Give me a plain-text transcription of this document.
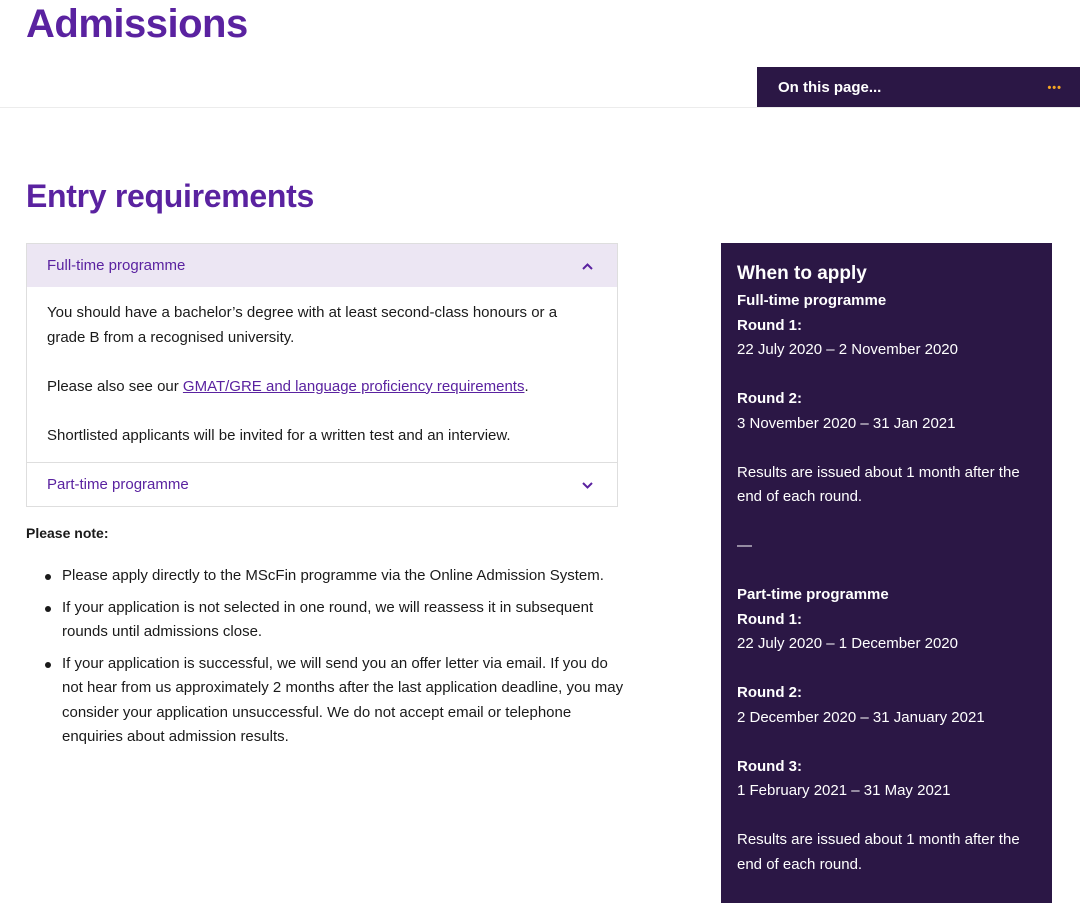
Admissions
On this page...	•••
Entry requirements
Full-time programme

You should have a bachelor’s degree with at least second-class honours or a grade B from a recognised university.

Please also see our GMAT/GRE and language proficiency requirements.

Shortlisted applicants will be invited for a written test and an interview.

Part-time programme
Please note:
Please apply directly to the MScFin programme via the Online Admission System.
If your application is not selected in one round, we will reassess it in subsequent rounds until admissions close.
If your application is successful, we will send you an offer letter via email. If you do not hear from us approximately 2 months after the last application deadline, you may consider your application unsuccessful. We do not accept email or telephone enquiries about admission results.
When to apply
Full-time programme
Round 1:
22 July 2020 – 2 November 2020
Round 2:
3 November 2020 – 31 Jan 2021
Results are issued about 1 month after the end of each round.
—
Part-time programme
Round 1:
22 July 2020 – 1 December 2020
Round 2:
2 December 2020 – 31 January 2021
Round 3:
1 February 2021 – 31 May 2021
Results are issued about 1 month after the end of each round.
